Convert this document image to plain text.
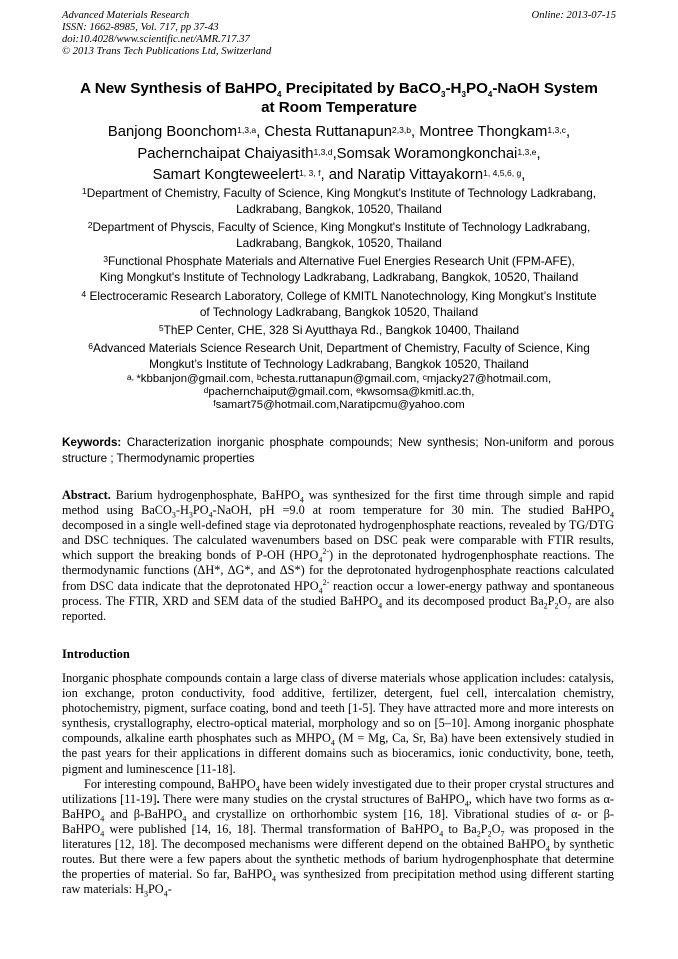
Advanced Materials Research
ISSN: 1662-8985, Vol. 717, pp 37-43
doi:10.4028/www.scientific.net/AMR.717.37
© 2013 Trans Tech Publications Ltd, Switzerland
Online: 2013-07-15
A New Synthesis of BaHPO$_4$ Precipitated by $BaCO_3-H_3PO_4$-NaOH System
at Room Temperature
Banjong Boonchom$^{1,3,a}$, Chesta Ruttanapun$^{2,3,b}$, Montree Thongkam$^{1,3,c}$,
Pachernchaipat Chaiyasith$^{1,3,d}$,Somsak Woramongkonchai$^{1,3,e}$,
Samart Kongteweelert$^{1, 3, f}$, and Naratip Vittayakorn$^{1, 4,5,6, g}$,

$^1$Department of Chemistry, Faculty of Science, King Mongkut's Institute of Technology Ladkrabang,
Ladkrabang, Bangkok, 10520, Thailand

$^2$Department of Physcis, Faculty of Science, King Mongkut's Institute of Technology Ladkrabang,
Ladkrabang, Bangkok, 10520, Thailand

$^3$Functional Phosphate Materials and Alternative Fuel Energies Research Unit (FPM-AFE),
King Mongkut's Institute of Technology Ladkrabang, Ladkrabang, Bangkok, 10520, Thailand

$^4$ Electroceramic Research Laboratory, College of KMITL Nanotechnology, King Mongkut’s Institute
of Technology Ladkrabang, Bangkok 10520, Thailand

$^5$ThEP Center, CHE, 328 Si Ayutthaya Rd., Bangkok 10400, Thailand

$^6$Advanced Materials Science Research Unit, Department of Chemistry, Faculty of Science, King
Mongkut’s Institute of Technology Ladkrabang, Bangkok 10520, Thailand

$^{a,}$ *kbbanjon@gmail.com, $^b$chesta.ruttanapun@gmail.com, $^c$mjacky27@hotmail.com,

$^d$pachernchaiput@gmail.com, $^e$kwsomsa@kmitl.ac.th,

$^f$samart75@hotmail.com,Naratipcmu@yahoo.com

Keywords: Characterization inorganic phosphate compounds; New synthesis; Non-uniform and porous structure ; Thermodynamic properties
Abstract. Barium hydrogenphosphate, BaHPO$_4$ was synthesized for the first time through simple and rapid method using $BaCO_3-H_3PO_4$-NaOH, pH =9.0 at room temperature for 30 min. The studied BaHPO$_4$ decomposed in a single well-defined stage via deprotonated hydrogenphosphate reactions, revealed by TG/DTG and DSC techniques. The calculated wavenumbers based on DSC peak were comparable with FTIR results, which support the breaking bonds of P-OH $(HPO_4^{2-})$ in the deprotonated hydrogenphosphate reactions. The thermodynamic functions (ΔH*, ΔG*, and ΔS*) for the deprotonated hydrogenphosphate reactions calculated from DSC data indicate that the deprotonated $HPO_4^{2-}$ reaction occur a lower-energy pathway and spontaneous process. The FTIR, XRD and SEM data of the studied BaHPO$_4$ and its decomposed product $Ba_2P_2O_7$ are also reported.
Introduction

Inorganic phosphate compounds contain a large class of diverse materials whose application includes: catalysis, ion exchange, proton conductivity, food additive, fertilizer, detergent, fuel cell, intercalation chemistry, photochemistry, pigment, surface coating, bond and teeth [1-5]. They have attracted more and more interests on synthesis, crystallography, electro-optical material, morphology and so on [5–10]. Among inorganic phosphate compounds, alkaline earth phosphates such as $MHPO_4$ (M = Mg, Ca, Sr, Ba) have been extensively studied in the past years for their applications in different domains such as bioceramics, ionic conductivity, bone, teeth, pigment and luminescence [11-18].

For interesting compound, BaHPO$_4$ have been widely investigated due to their proper crystal structures and utilizations [11-19]. There were many studies on the crystal structures of BaHPO$_4$, which have two forms as α-BaHPO$_4$ and β-BaHPO$_4$ and crystallize on orthorhombic system [16, 18]. Vibrational studies of α- or β-BaHPO$_4$ were published [14, 16, 18]. Thermal transformation of BaHPO$_4$ to $Ba_2P_2O_7$ was proposed in the literatures [12, 18]. The decomposed mechanisms were different depend on the obtained BaHPO$_4$ by synthetic routes. But there were a few papers about the synthetic methods of barium hydrogenphosphate that determine the properties of material. So far, BaHPO$_4$ was synthesized from precipitation method using different starting raw materials: $H_3PO_4-$
